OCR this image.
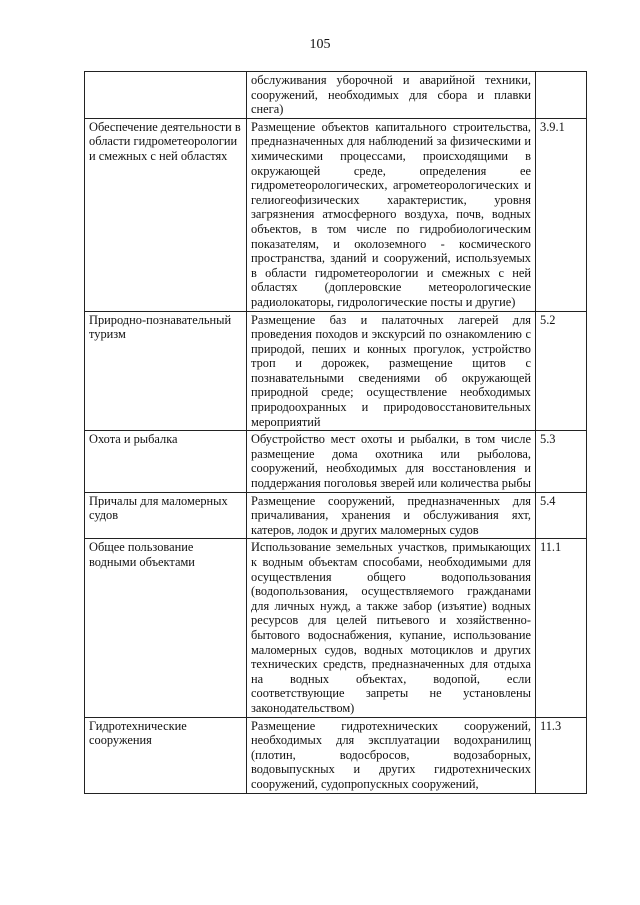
105
	обслуживания уборочной и аварийной техники, сооружений, необходимых для сбора и плавки снега)	
Обеспечение деятельности в области гидрометеорологии и смежных с ней областях	Размещение объектов капитального строительства, предназначенных для наблюдений за физическими и химическими процессами, происходящими в окружающей среде, определения ее гидрометеорологических, агрометеорологических и гелиогеофизических характеристик, уровня загрязнения атмосферного воздуха, почв, водных объектов, в том числе по гидробиологическим показателям, и околоземного - космического пространства, зданий и сооружений, используемых в области гидрометеорологии и смежных с ней областях (доплеровские метеорологические радиолокаторы, гидрологические посты и другие)	3.9.1
Природно-познавательный туризм	Размещение баз и палаточных лагерей для проведения походов и экскурсий по ознакомлению с природой, пеших и конных прогулок, устройство троп и дорожек, размещение щитов с познавательными сведениями об окружающей природной среде; осуществление необходимых природоохранных и природовосстановительных мероприятий	5.2
Охота и рыбалка	Обустройство мест охоты и рыбалки, в том числе размещение дома охотника или рыболова, сооружений, необходимых для восстановления и поддержания поголовья зверей или количества рыбы	5.3
Причалы для маломерных судов	Размещение сооружений, предназначенных для причаливания, хранения и обслуживания яхт, катеров, лодок и других маломерных судов	5.4
Общее пользование водными объектами	Использование земельных участков, примыкающих к водным объектам способами, необходимыми для осуществления общего водопользования (водопользования, осуществляемого гражданами для личных нужд, а также забор (изъятие) водных ресурсов для целей питьевого и хозяйственно-бытового водоснабжения, купание, использование маломерных судов, водных мотоциклов и других технических средств, предназначенных для отдыха на водных объектах, водопой, если соответствующие запреты не установлены законодательством)	11.1
Гидротехнические сооружения	Размещение гидротехнических сооружений, необходимых для эксплуатации водохранилищ (плотин, водосбросов, водозаборных, водовыпускных и других гидротехнических сооружений, судопропускных сооружений,	11.3
